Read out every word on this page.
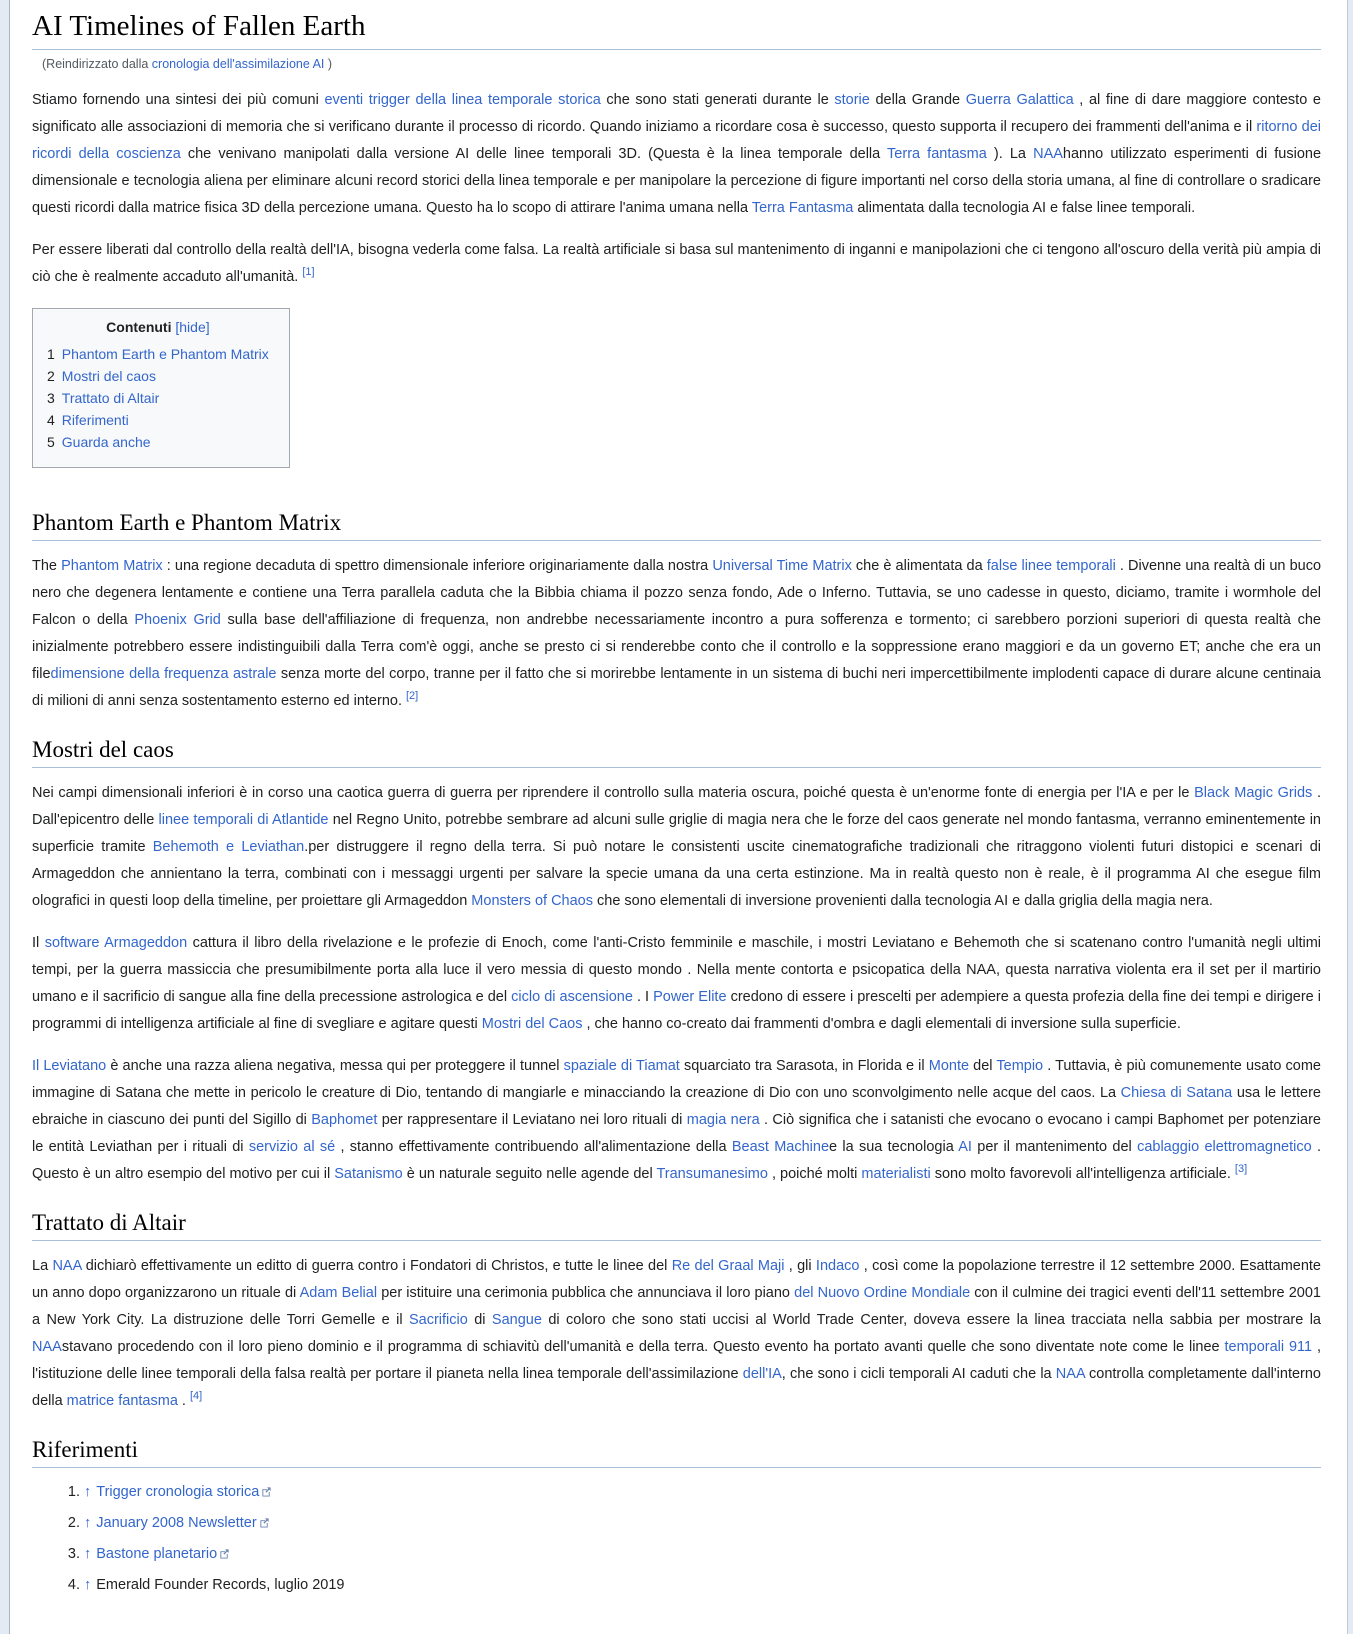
AI Timelines of Fallen Earth
(Reindirizzato dalla cronologia dell'assimilazione AI )

Stiamo fornendo una sintesi dei più comuni eventi trigger della linea temporale storica che sono stati generati durante le storie della Grande Guerra Galattica , al fine di dare maggiore contesto e significato alle associazioni di memoria che si verificano durante il processo di ricordo. Quando iniziamo a ricordare cosa è successo, questo supporta il recupero dei frammenti dell'anima e il ritorno dei ricordi della coscienza che venivano manipolati dalla versione AI delle linee temporali 3D. (Questa è la linea temporale della Terra fantasma ). La NAAhanno utilizzato esperimenti di fusione dimensionale e tecnologia aliena per eliminare alcuni record storici della linea temporale e per manipolare la percezione di figure importanti nel corso della storia umana, al fine di controllare o sradicare questi ricordi dalla matrice fisica 3D della percezione umana. Questo ha lo scopo di attirare l'anima umana nella Terra Fantasma alimentata dalla tecnologia AI e false linee temporali.

Per essere liberati dal controllo della realtà dell'IA, bisogna vederla come falsa. La realtà artificiale si basa sul mantenimento di inganni e manipolazioni che ci tengono all'oscuro della verità più ampia di ciò che è realmente accaduto all'umanità. [1]

Contenuti [hide]
1 Phantom Earth e Phantom Matrix
2 Mostri del caos
3 Trattato di Altair
4 Riferimenti
5 Guarda anche
Phantom Earth e Phantom Matrix

The Phantom Matrix : una regione decaduta di spettro dimensionale inferiore originariamente dalla nostra Universal Time Matrix che è alimentata da false linee temporali . Divenne una realtà di un buco nero che degenera lentamente e contiene una Terra parallela caduta che la Bibbia chiama il pozzo senza fondo, Ade o Inferno. Tuttavia, se uno cadesse in questo, diciamo, tramite i wormhole del Falcon o della Phoenix Grid sulla base dell'affiliazione di frequenza, non andrebbe necessariamente incontro a pura sofferenza e tormento; ci sarebbero porzioni superiori di questa realtà che inizialmente potrebbero essere indistinguibili dalla Terra com'è oggi, anche se presto ci si renderebbe conto che il controllo e la soppressione erano maggiori e da un governo ET; anche che era un filedimensione della frequenza astrale senza morte del corpo, tranne per il fatto che si morirebbe lentamente in un sistema di buchi neri impercettibilmente implodenti capace di durare alcune centinaia di milioni di anni senza sostentamento esterno ed interno. [2]

Mostri del caos

Nei campi dimensionali inferiori è in corso una caotica guerra di guerra per riprendere il controllo sulla materia oscura, poiché questa è un'enorme fonte di energia per l'IA e per le Black Magic Grids . Dall'epicentro delle linee temporali di Atlantide nel Regno Unito, potrebbe sembrare ad alcuni sulle griglie di magia nera che le forze del caos generate nel mondo fantasma, verranno eminentemente in superficie tramite Behemoth e Leviathan.per distruggere il regno della terra. Si può notare le consistenti uscite cinematografiche tradizionali che ritraggono violenti futuri distopici e scenari di Armageddon che annientano la terra, combinati con i messaggi urgenti per salvare la specie umana da una certa estinzione. Ma in realtà questo non è reale, è il programma AI che esegue film olografici in questi loop della timeline, per proiettare gli Armageddon Monsters of Chaos che sono elementali di inversione provenienti dalla tecnologia AI e dalla griglia della magia nera.

Il software Armageddon cattura il libro della rivelazione e le profezie di Enoch, come l'anti-Cristo femminile e maschile, i mostri Leviatano e Behemoth che si scatenano contro l'umanità negli ultimi tempi, per la guerra massiccia che presumibilmente porta alla luce il vero messia di questo mondo . Nella mente contorta e psicopatica della NAA, questa narrativa violenta era il set per il martirio umano e il sacrificio di sangue alla fine della precessione astrologica e del ciclo di ascensione . I Power Elite credono di essere i prescelti per adempiere a questa profezia della fine dei tempi e dirigere i programmi di intelligenza artificiale al fine di svegliare e agitare questi Mostri del Caos , che hanno co-creato dai frammenti d'ombra e dagli elementali di inversione sulla superficie.

Il Leviatano è anche una razza aliena negativa, messa qui per proteggere il tunnel spaziale di Tiamat squarciato tra Sarasota, in Florida e il Monte del Tempio . Tuttavia, è più comunemente usato come immagine di Satana che mette in pericolo le creature di Dio, tentando di mangiarle e minacciando la creazione di Dio con uno sconvolgimento nelle acque del caos. La Chiesa di Satana usa le lettere ebraiche in ciascuno dei punti del Sigillo di Baphomet per rappresentare il Leviatano nei loro rituali di magia nera . Ciò significa che i satanisti che evocano o evocano i campi Baphomet per potenziare le entità Leviathan per i rituali di servizio al sé , stanno effettivamente contribuendo all'alimentazione della Beast Machinee la sua tecnologia AI per il mantenimento del cablaggio elettromagnetico . Questo è un altro esempio del motivo per cui il Satanismo è un naturale seguito nelle agende del Transumanesimo , poiché molti materialisti sono molto favorevoli all'intelligenza artificiale. [3]

Trattato di Altair

La NAA dichiarò effettivamente un editto di guerra contro i Fondatori di Christos, e tutte le linee del Re del Graal Maji , gli Indaco , così come la popolazione terrestre il 12 settembre 2000. Esattamente un anno dopo organizzarono un rituale di Adam Belial per istituire una cerimonia pubblica che annunciava il loro piano del Nuovo Ordine Mondiale con il culmine dei tragici eventi dell'11 settembre 2001 a New York City. La distruzione delle Torri Gemelle e il Sacrificio di Sangue di coloro che sono stati uccisi al World Trade Center, doveva essere la linea tracciata nella sabbia per mostrare la NAAstavano procedendo con il loro pieno dominio e il programma di schiavitù dell'umanità e della terra. Questo evento ha portato avanti quelle che sono diventate note come le linee temporali 911 , l'istituzione delle linee temporali della falsa realtà per portare il pianeta nella linea temporale dell'assimilazione dell'IA, che sono i cicli temporali AI caduti che la NAA controlla completamente dall'interno della matrice fantasma . [4]

Riferimenti
1. ↑ Trigger cronologia storica
2. ↑ January 2008 Newsletter
3. ↑ Bastone planetario
4. ↑ Emerald Founder Records, luglio 2019
